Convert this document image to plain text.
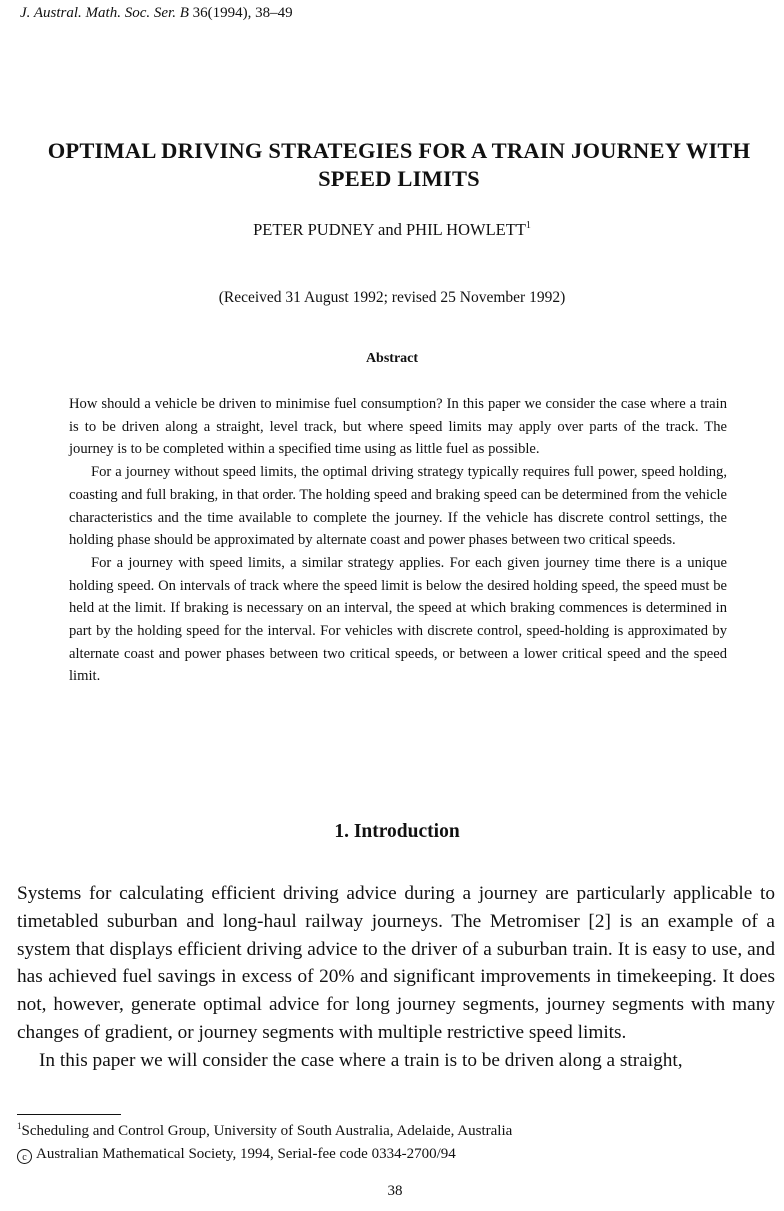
J. Austral. Math. Soc. Ser. B 36(1994), 38–49
OPTIMAL DRIVING STRATEGIES FOR A TRAIN JOURNEY WITH SPEED LIMITS
PETER PUDNEY and PHIL HOWLETT$^1$
(Received 31 August 1992; revised 25 November 1992)
Abstract

How should a vehicle be driven to minimise fuel consumption? In this paper we consider the case where a train is to be driven along a straight, level track, but where speed limits may apply over parts of the track. The journey is to be completed within a specified time using as little fuel as possible.

For a journey without speed limits, the optimal driving strategy typically requires full power, speed holding, coasting and full braking, in that order. The holding speed and braking speed can be determined from the vehicle characteristics and the time available to complete the journey. If the vehicle has discrete control settings, the holding phase should be approximated by alternate coast and power phases between two critical speeds.

For a journey with speed limits, a similar strategy applies. For each given journey time there is a unique holding speed. On intervals of track where the speed limit is below the desired holding speed, the speed must be held at the limit. If braking is necessary on an interval, the speed at which braking commences is determined in part by the holding speed for the interval. For vehicles with discrete control, speed-holding is approximated by alternate coast and power phases between two critical speeds, or between a lower critical speed and the speed limit.

1. Introduction

Systems for calculating efficient driving advice during a journey are particularly applicable to timetabled suburban and long-haul railway journeys. The Metromiser [2] is an example of a system that displays efficient driving advice to the driver of a suburban train. It is easy to use, and has achieved fuel savings in excess of 20% and significant improvements in timekeeping. It does not, however, generate optimal advice for long journey segments, journey segments with many changes of gradient, or journey segments with multiple restrictive speed limits.

In this paper we will consider the case where a train is to be driven along a straight,

$^1$Scheduling and Control Group, University of South Australia, Adelaide, Australia
c Australian Mathematical Society, 1994, Serial-fee code 0334-2700/94
38
